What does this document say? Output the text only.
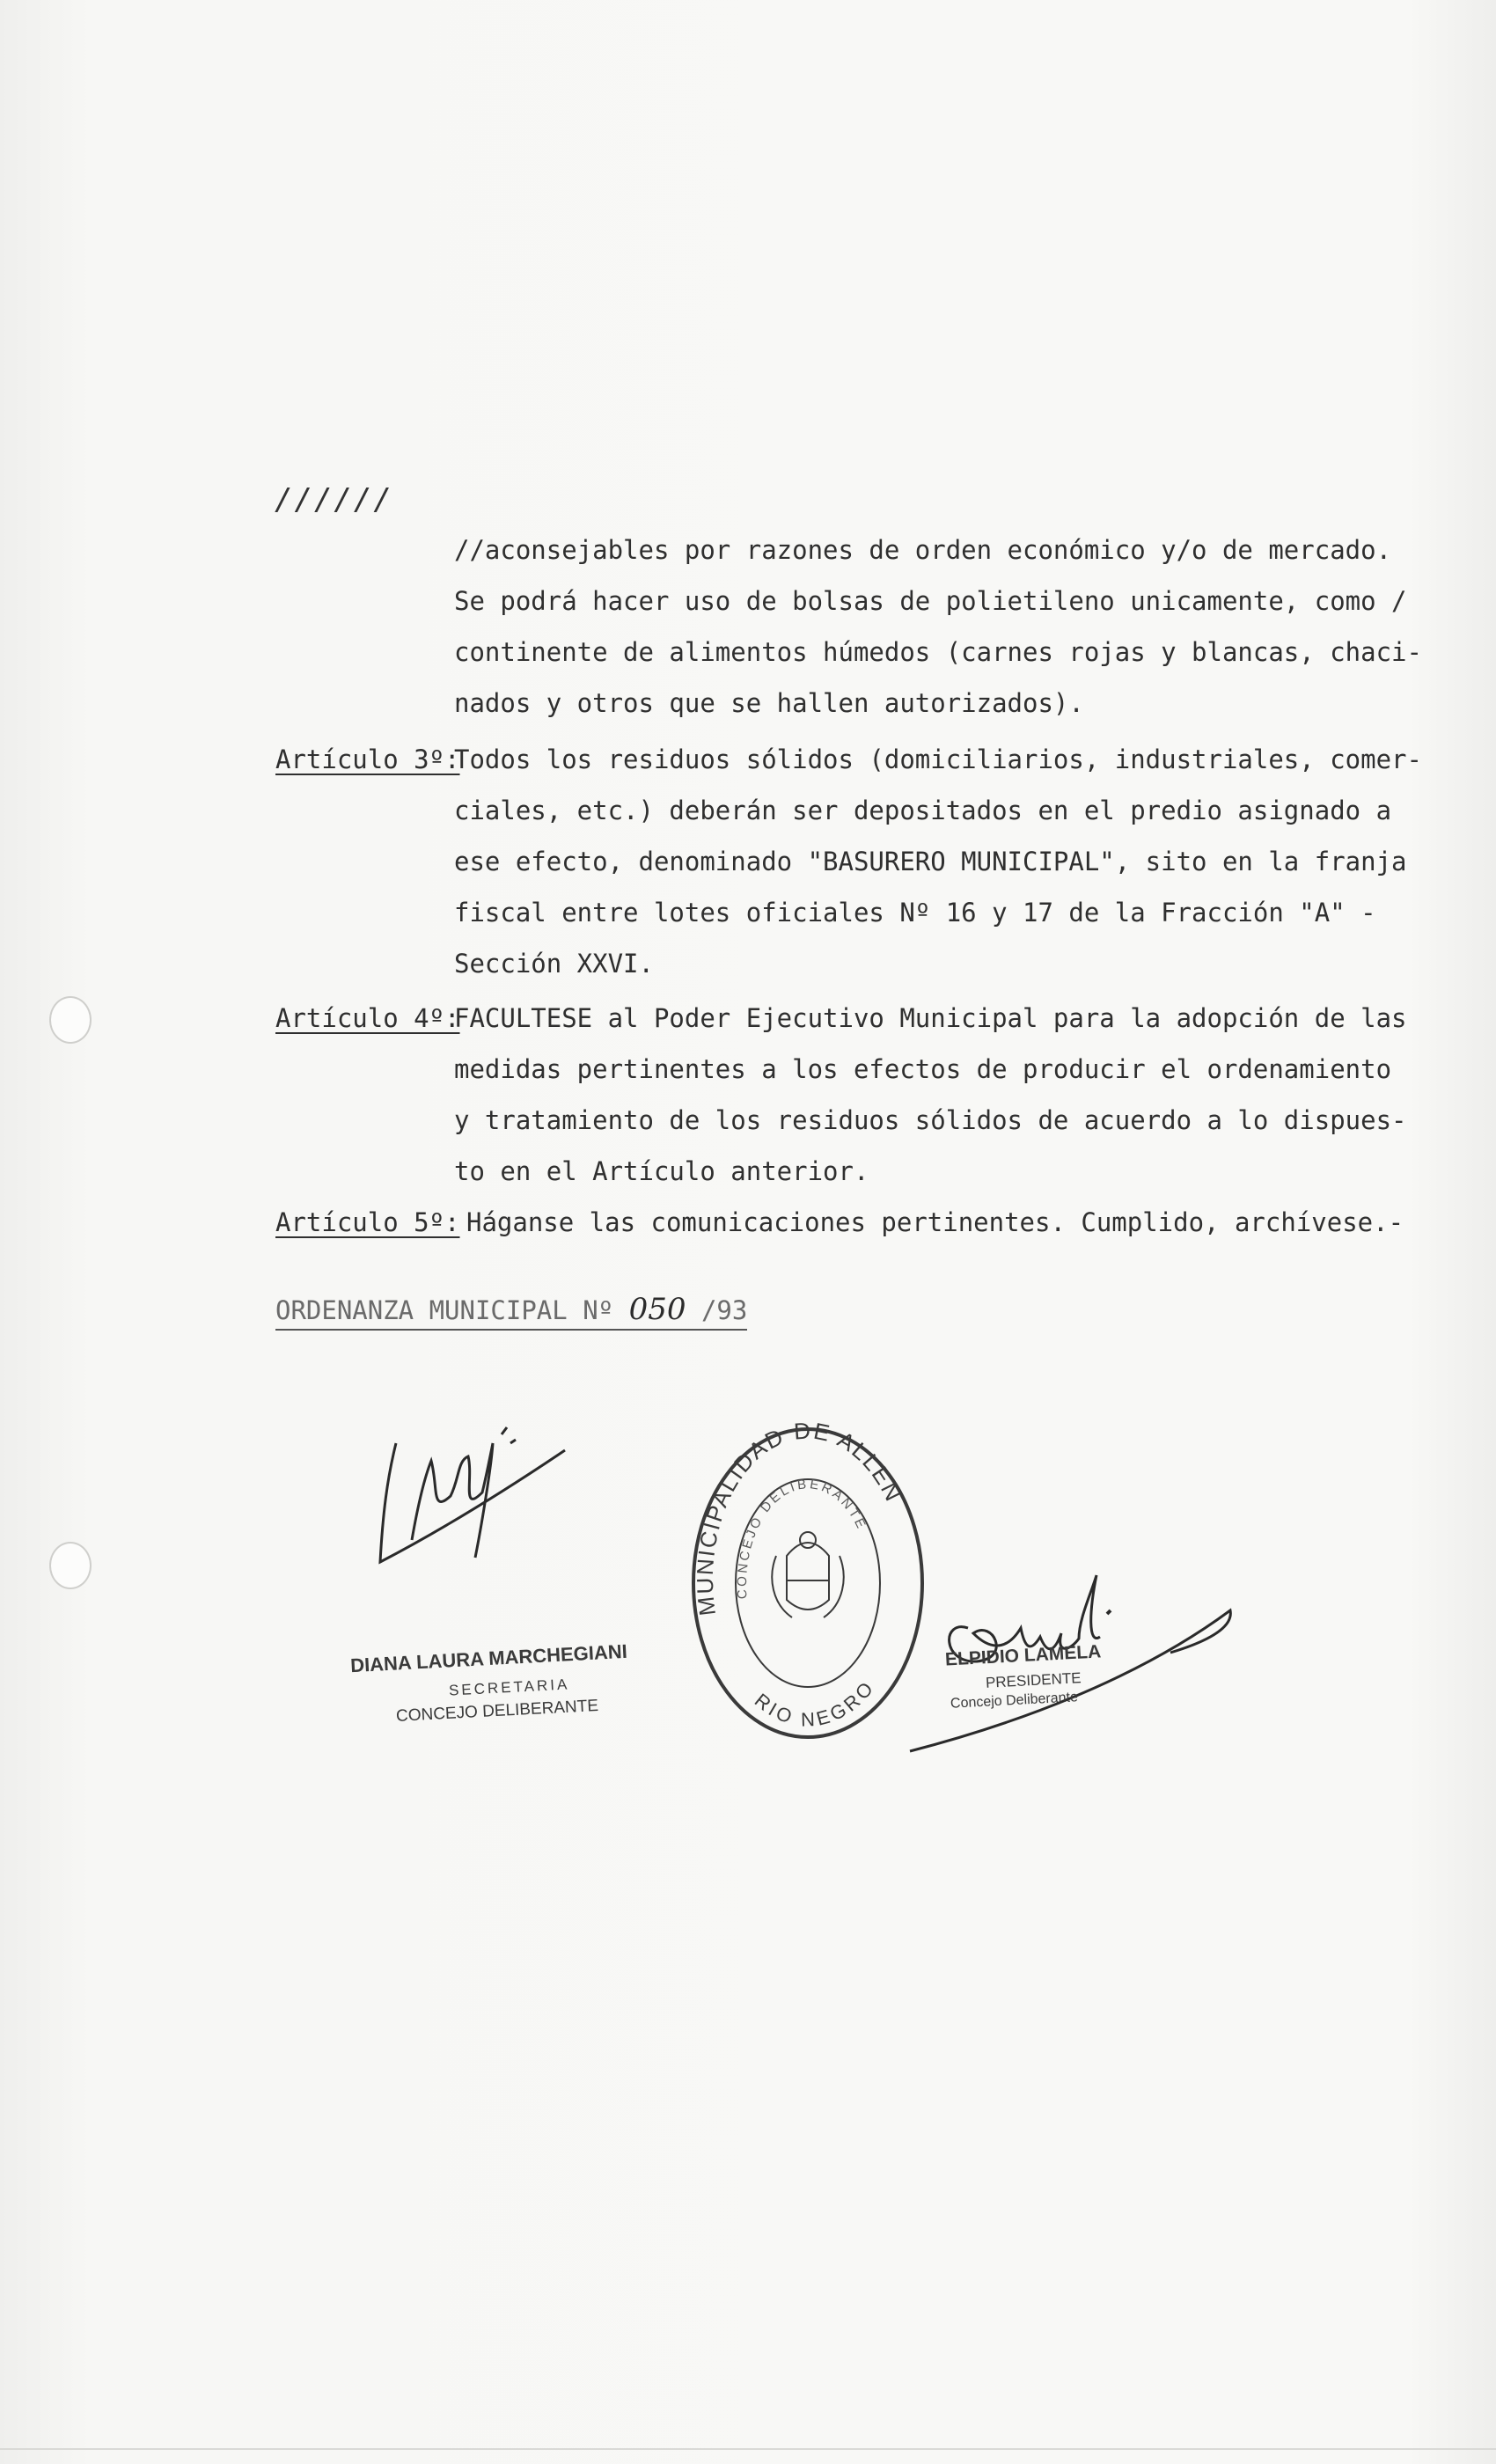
//////
//aconsejables por razones de orden económico y/o de mercado.
Se podrá hacer uso de bolsas de polietileno unicamente, como /
continente de alimentos húmedos (carnes rojas y blancas, chaci-
nados y otros que se hallen autorizados).
Artículo 3º:
Todos los residuos sólidos (domiciliarios, industriales, comer-
ciales, etc.) deberán ser depositados en el predio asignado a
ese efecto, denominado "BASURERO MUNICIPAL", sito en la franja
fiscal entre lotes oficiales Nº 16 y 17 de la Fracción "A" -
Sección XXVI.
Artículo 4º:
FACULTESE al Poder Ejecutivo Municipal para la adopción de las
medidas pertinentes a los efectos de producir el ordenamiento
y tratamiento de los residuos sólidos de acuerdo a lo dispues-
to en el Artículo anterior.
Artículo 5º: Háganse las comunicaciones pertinentes. Cumplido, archívese.-
ORDENANZA MUNICIPAL Nº 050 /93
DIANA LAURA MARCHEGIANI
SECRETARIA
CONCEJO DELIBERANTE
MUNICIPALIDAD DE ALLEN
CONCEJO DELIBERANTE
RIO NEGRO
ELPIDIO LAMELA
PRESIDENTE
Concejo Deliberante
